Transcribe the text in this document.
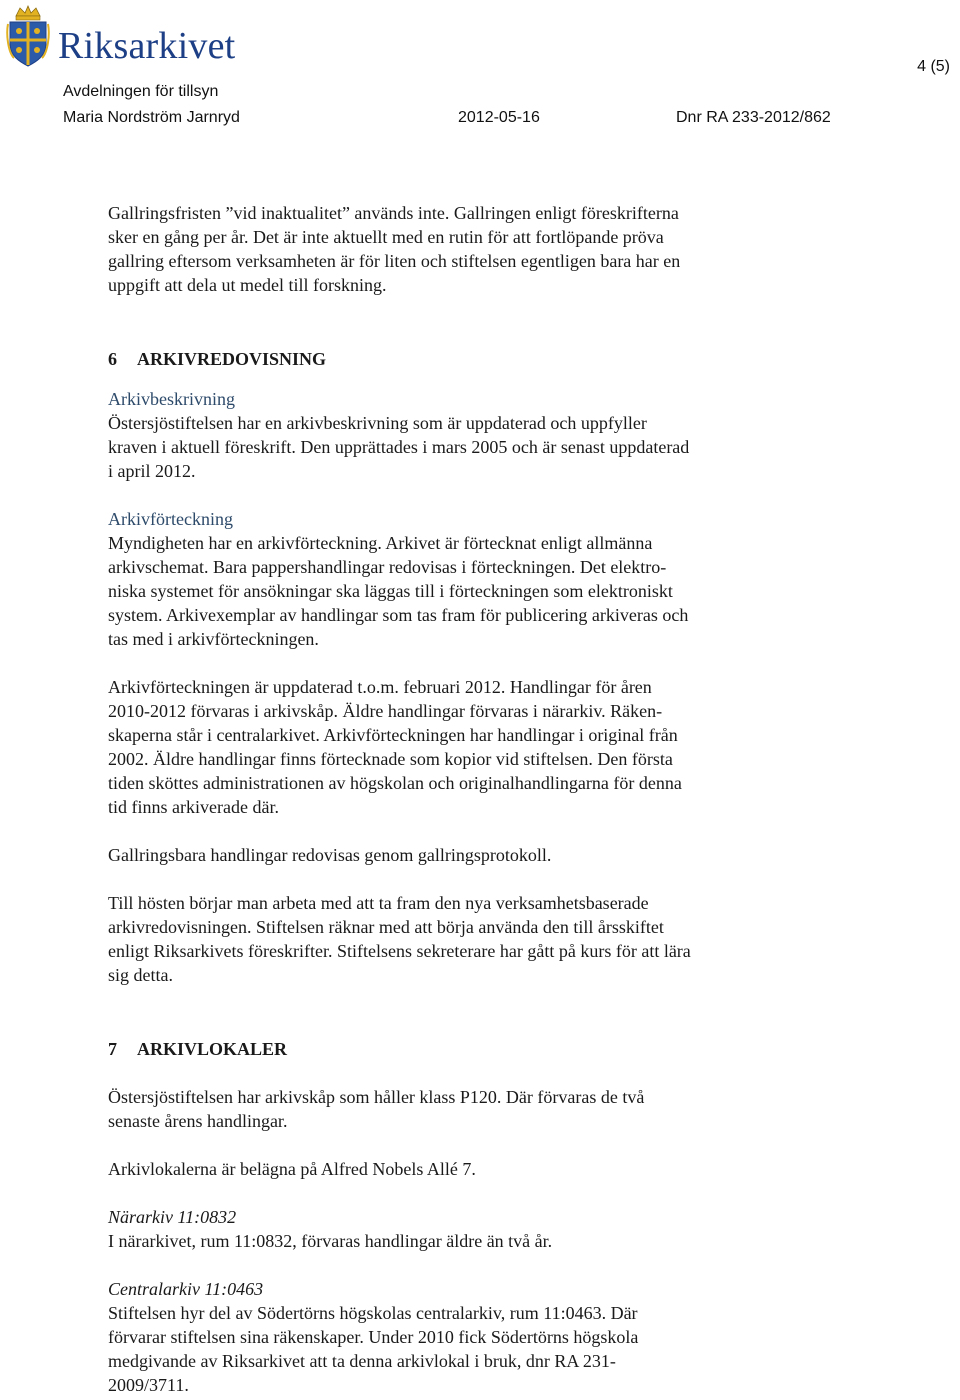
Riksarkivet
Avdelningen för tillsyn
Maria Nordström Jarnryd	2012-05-16	Dnr RA 233-2012/862
4 (5)

Gallringsfristen ”vid inaktualitet” används inte. Gallringen enligt föreskrifterna
sker en gång per år. Det är inte aktuellt med en rutin för att fortlöpande pröva
gallring eftersom verksamheten är för liten och stiftelsen egentligen bara har en
uppgift att dela ut medel till forskning.

6 ARKIVREDOVISNING

Arkivbeskrivning

Östersjöstiftelsen har en arkivbeskrivning som är uppdaterad och uppfyller
kraven i aktuell föreskrift. Den upprättades i mars 2005 och är senast uppdaterad
i april 2012.

Arkivförteckning

Myndigheten har en arkivförteckning. Arkivet är förtecknat enligt allmänna
arkivschemat. Bara pappershandlingar redovisas i förteckningen. Det elektro-
niska systemet för ansökningar ska läggas till i förteckningen som elektroniskt
system. Arkivexemplar av handlingar som tas fram för publicering arkiveras och
tas med i arkivförteckningen.

Arkivförteckningen är uppdaterad t.o.m. februari 2012. Handlingar för åren
2010-2012 förvaras i arkivskåp. Äldre handlingar förvaras i närarkiv. Räken-
skaperna står i centralarkivet. Arkivförteckningen har handlingar i original från
2002. Äldre handlingar finns förtecknade som kopior vid stiftelsen. Den första
tiden sköttes administrationen av högskolan och originalhandlingarna för denna
tid finns arkiverade där.

Gallringsbara handlingar redovisas genom gallringsprotokoll.

Till hösten börjar man arbeta med att ta fram den nya verksamhetsbaserade
arkivredovisningen. Stiftelsen räknar med att börja använda den till årsskiftet
enligt Riksarkivets föreskrifter. Stiftelsens sekreterare har gått på kurs för att lära
sig detta.

7 ARKIVLOKALER

Östersjöstiftelsen har arkivskåp som håller klass P120. Där förvaras de två
senaste årens handlingar.

Arkivlokalerna är belägna på Alfred Nobels Allé 7.

Närarkiv 11:0832

I närarkivet, rum 11:0832, förvaras handlingar äldre än två år.

Centralarkiv 11:0463

Stiftelsen hyr del av Södertörns högskolas centralarkiv, rum 11:0463. Där
förvarar stiftelsen sina räkenskaper. Under 2010 fick Södertörns högskola
medgivande av Riksarkivet att ta denna arkivlokal i bruk, dnr RA 231-
2009/3711.
